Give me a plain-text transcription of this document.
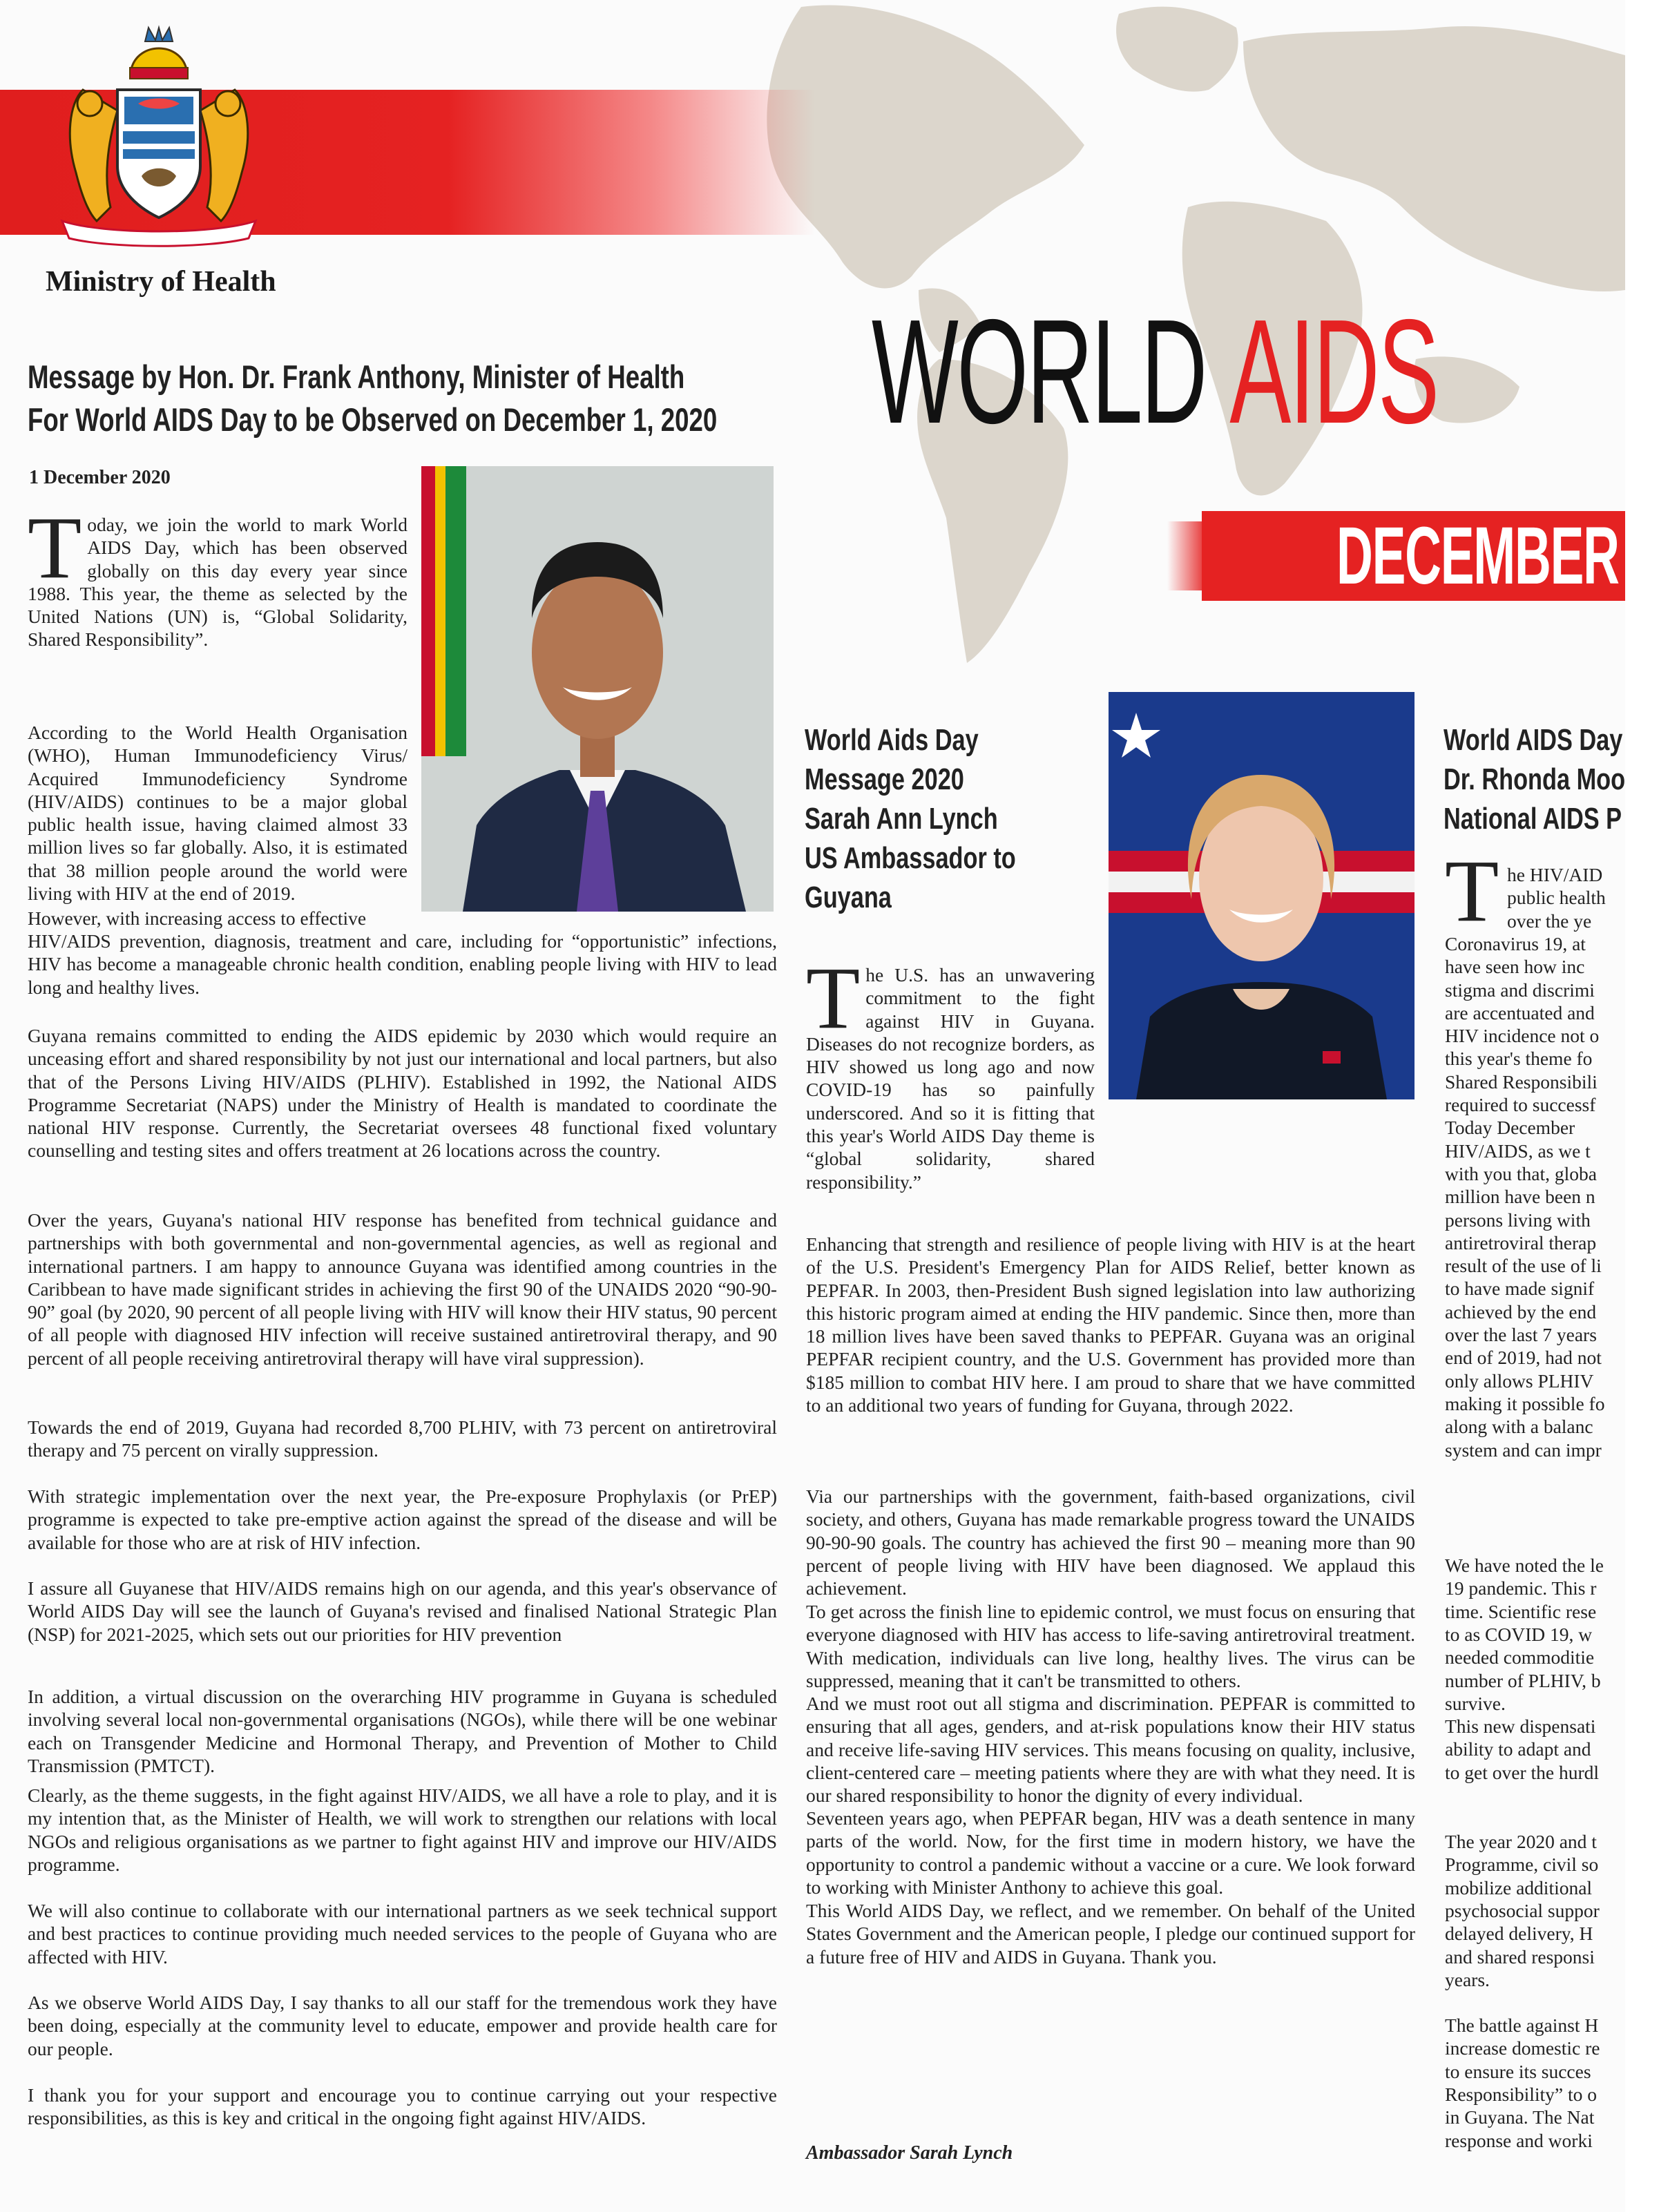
Ministry of Health
WORLD AIDS
DECEMBER 1
Message by Hon. Dr. Frank Anthony, Minister of Health
For World AIDS Day to be Observed on December 1, 2020
1 December 2020
Today, we join the world to mark World AIDS Day, which has been observed globally on this day every year since 1988. This year, the theme as selected by the United Nations (UN) is, “Global Solidarity, Shared Responsibility”.
According to the World Health Organisation (WHO), Human Immunodeficiency Virus/ Acquired Immunodeficiency Syndrome (HIV/AIDS) continues to be a major global public health issue, having claimed almost 33 million lives so far globally. Also, it is estimated that 38 million people around the world were living with HIV at the end of 2019.
However, with increasing access to effective
HIV/AIDS prevention, diagnosis, treatment and care, including for “opportunistic” infections, HIV has become a manageable chronic health condition, enabling people living with HIV to lead long and healthy lives.
Guyana remains committed to ending the AIDS epidemic by 2030 which would require an unceasing effort and shared responsibility by not just our international and local partners, but also that of the Persons Living HIV/AIDS (PLHIV). Established in 1992, the National AIDS Programme Secretariat (NAPS) under the Ministry of Health is mandated to coordinate the national HIV response. Currently, the Secretariat oversees 48 functional fixed voluntary counselling and testing sites and offers treatment at 26 locations across the country.
Over the years, Guyana's national HIV response has benefited from technical guidance and partnerships with both governmental and non-governmental agencies, as well as regional and international partners. I am happy to announce Guyana was identified among countries in the Caribbean to have made significant strides in achieving the first 90 of the UNAIDS 2020 “90-90-90” goal (by 2020, 90 percent of all people living with HIV will know their HIV status, 90 percent of all people with diagnosed HIV infection will receive sustained antiretroviral therapy, and 90 percent of all people receiving antiretroviral therapy will have viral suppression).
Towards the end of 2019, Guyana had recorded 8,700 PLHIV, with 73 percent on antiretroviral therapy and 75 percent on virally suppression.
With strategic implementation over the next year, the Pre-exposure Prophylaxis (or PrEP) programme is expected to take pre-emptive action against the spread of the disease and will be available for those who are at risk of HIV infection.
I assure all Guyanese that HIV/AIDS remains high on our agenda, and this year's observance of World AIDS Day will see the launch of Guyana's revised and finalised National Strategic Plan (NSP) for 2021-2025, which sets out our priorities for HIV prevention
In addition, a virtual discussion on the overarching HIV programme in Guyana is scheduled involving several local non-governmental organisations (NGOs), while there will be one webinar each on Transgender Medicine and Hormonal Therapy, and Prevention of Mother to Child Transmission (PMTCT).
Clearly, as the theme suggests, in the fight against HIV/AIDS, we all have a role to play, and it is my intention that, as the Minister of Health, we will work to strengthen our relations with local NGOs and religious organisations as we partner to fight against HIV and improve our HIV/AIDS programme.
We will also continue to collaborate with our international partners as we seek technical support and best practices to continue providing much needed services to the people of Guyana who are affected with HIV.
As we observe World AIDS Day, I say thanks to all our staff for the tremendous work they have been doing, especially at the community level to educate, empower and provide health care for our people.
I thank you for your support and encourage you to continue carrying out your respective responsibilities, as this is key and critical in the ongoing fight against HIV/AIDS.
World Aids Day
Message 2020
Sarah Ann Lynch
US Ambassador to
Guyana
The U.S. has an unwavering commitment to the fight against HIV in Guyana. Diseases do not recognize borders, as HIV showed us long ago and now COVID-19 has so painfully underscored. And so it is fitting that this year's World AIDS Day theme is “global solidarity, shared responsibility.”
Enhancing that strength and resilience of people living with HIV is at the heart of the U.S. President's Emergency Plan for AIDS Relief, better known as PEPFAR. In 2003, then-President Bush signed legislation into law authorizing this historic program aimed at ending the HIV pandemic. Since then, more than 18 million lives have been saved thanks to PEPFAR. Guyana was an original PEPFAR recipient country, and the U.S. Government has provided more than $185 million to combat HIV here. I am proud to share that we have committed to an additional two years of funding for Guyana, through 2022.
Via our partnerships with the government, faith-based organizations, civil society, and others, Guyana has made remarkable progress toward the UNAIDS 90-90-90 goals. The country has achieved the first 90 – meaning more than 90 percent of people living with HIV have been diagnosed. We applaud this achievement.
To get across the finish line to epidemic control, we must focus on ensuring that everyone diagnosed with HIV has access to life-saving antiretroviral treatment. With medication, individuals can live long, healthy lives. The virus can be suppressed, meaning that it can't be transmitted to others.
And we must root out all stigma and discrimination. PEPFAR is committed to ensuring that all ages, genders, and at-risk populations know their HIV status and receive life-saving HIV services. This means focusing on quality, inclusive, client-centered care – meeting patients where they are with what they need. It is our shared responsibility to honor the dignity of every individual.
Seventeen years ago, when PEPFAR began, HIV was a death sentence in many parts of the world. Now, for the first time in modern history, we have the opportunity to control a pandemic without a vaccine or a cure. We look forward to working with Minister Anthony to achieve this goal.
This World AIDS Day, we reflect, and we remember. On behalf of the United States Government and the American people, I pledge our continued support for a future free of HIV and AIDS in Guyana. Thank you.
Ambassador Sarah Lynch
World AIDS Day
Dr. Rhonda Moo
National AIDS P
T he HIV/AID
public health
over the ye
Coronavirus 19, at
have seen how inc
stigma and discrimi
are accentuated and
HIV incidence not o
this year's theme fo
Shared Responsibili
required to successf
Today December
HIV/AIDS, as we t
with you that, globa
million have been n
persons living with
antiretroviral therap
result of the use of li
to have made signif
achieved by the end
over the last 7 years
end of 2019, had not
only allows PLHIV
making it possible fo
along with a balanc
system and can impr
We have noted the le
19 pandemic. This r
time. Scientific rese
to as COVID 19, w
needed commoditie
number of PLHIV, b
survive.
This new dispensati
ability to adapt and
to get over the hurdl
The year 2020 and t
Programme, civil so
mobilize additional
psychosocial suppor
delayed delivery, H
and shared responsi
years.
The battle against H
increase domestic re
to ensure its succes
Responsibility” to o
in Guyana. The Nat
response and worki
